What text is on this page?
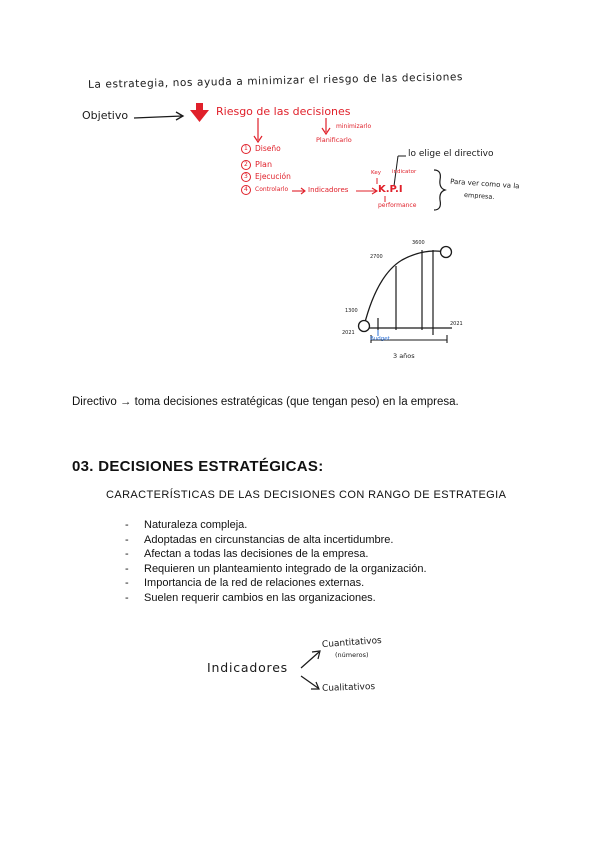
La estrategia, nos ayuda a minimizar el riesgo de las decisiones
Objetivo	Riesgo de las decisiones
minimizarlo
Planificarlo
1 Diseño
2 Plan
3 Ejecución
4 Controlarlo	Indicadores
Key indicator
K.P.I
performance
lo elige el directivo
Para ver como va la
empresa.
1300
2700
3600
2021
2021
Budget
3 años
Directivo → toma decisiones estratégicas (que tengan peso) en la empresa.
03. DECISIONES ESTRATÉGICAS:
CARACTERÍSTICAS DE LAS DECISIONES CON RANGO DE ESTRATEGIA
- Naturaleza compleja.
- Adoptadas en circunstancias de alta incertidumbre.
- Afectan a todas las decisiones de la empresa.
- Requieren un planteamiento integrado de la organización.
- Importancia de la red de relaciones externas.
- Suelen requerir cambios en las organizaciones.
Indicadores
Cuantitativos
(números)
Cualitativos
